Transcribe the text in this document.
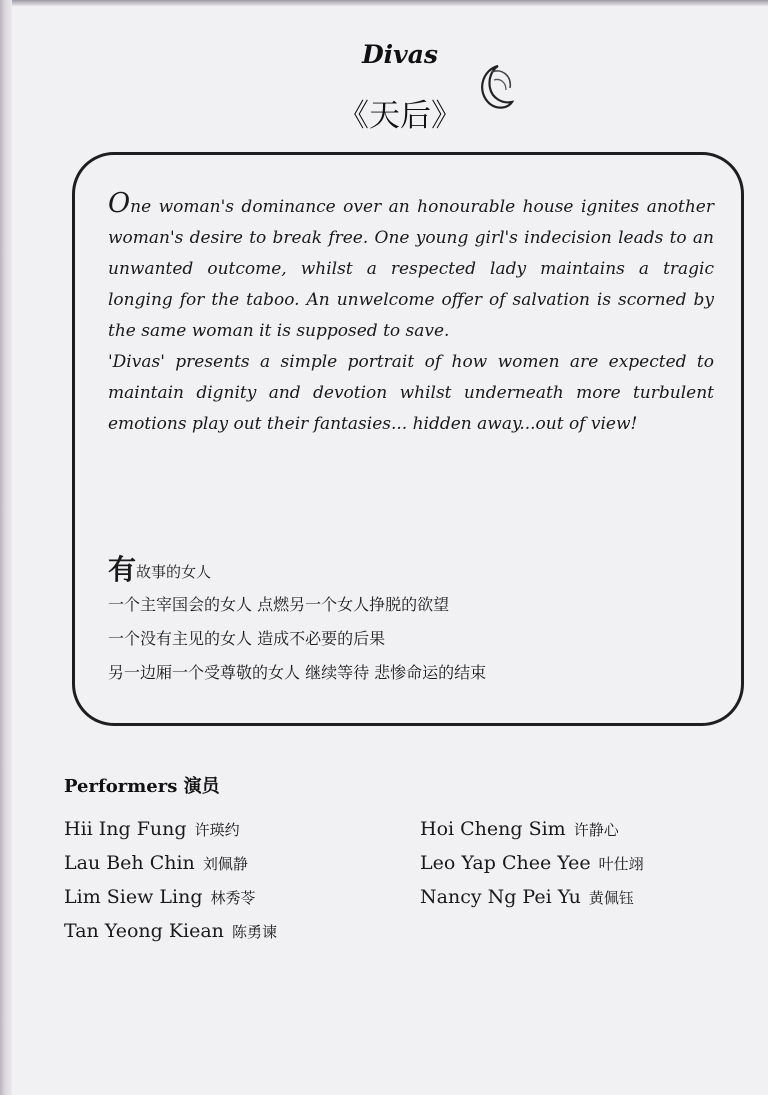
Divas
《天后》

One woman's dominance over an honourable house ignites another woman's desire to break free. One young girl's indecision leads to an unwanted outcome, whilst a respected lady maintains a tragic longing for the taboo. An unwelcome offer of salvation is scorned by the same woman it is supposed to save.

'Divas' presents a simple portrait of how women are expected to maintain dignity and devotion whilst underneath more turbulent emotions play out their fantasies... hidden away...out of view!

有故事的女人
一个主宰国会的女人 点燃另一个女人挣脱的欲望
一个没有主见的女人 造成不必要的后果
另一边厢一个受尊敬的女人 继续等待 悲惨命运的结束
Performers 演员
Hii Ing Fung 许瑛约
Lau Beh Chin 刘佩静
Lim Siew Ling 林秀苓
Tan Yeong Kiean 陈勇谏
Hoi Cheng Sim 许静心
Leo Yap Chee Yee 叶仕翊
Nancy Ng Pei Yu 黄佩钰
